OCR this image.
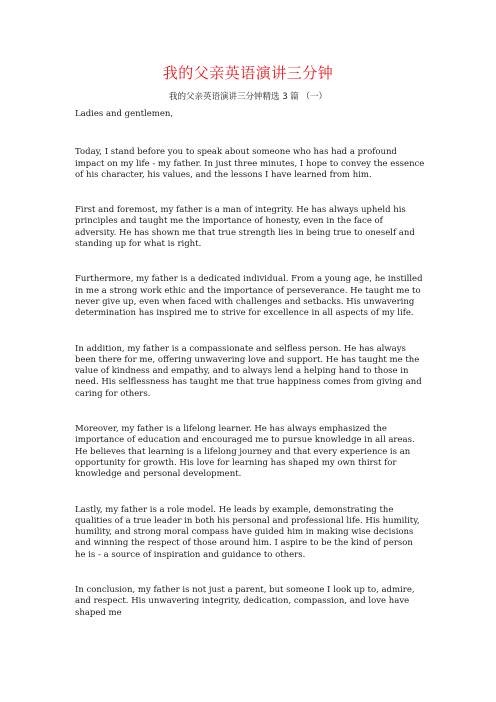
我的父亲英语演讲三分钟
我的父亲英语演讲三分钟精选 3 篇 （一）

Ladies and gentlemen,

Today, I stand before you to speak about someone who has had a profound impact on my life - my father. In just three minutes, I hope to convey the essence of his character, his values, and the lessons I have learned from him.

First and foremost, my father is a man of integrity. He has always upheld his principles and taught me the importance of honesty, even in the face of adversity. He has shown me that true strength lies in being true to oneself and standing up for what is right.

Furthermore, my father is a dedicated individual. From a young age, he instilled in me a strong work ethic and the importance of perseverance. He taught me to never give up, even when faced with challenges and setbacks. His unwavering determination has inspired me to strive for excellence in all aspects of my life.

In addition, my father is a compassionate and selfless person. He has always been there for me, offering unwavering love and support. He has taught me the value of kindness and empathy, and to always lend a helping hand to those in need. His selflessness has taught me that true happiness comes from giving and caring for others.

Moreover, my father is a lifelong learner. He has always emphasized the importance of education and encouraged me to pursue knowledge in all areas. He believes that learning is a lifelong journey and that every experience is an opportunity for growth. His love for learning has shaped my own thirst for knowledge and personal development.

Lastly, my father is a role model. He leads by example, demonstrating the qualities of a true leader in both his personal and professional life. His humility, humility, and strong moral compass have guided him in making wise decisions and winning the respect of those around him. I aspire to be the kind of person he is - a source of inspiration and guidance to others.

In conclusion, my father is not just a parent, but someone I look up to, admire, and respect. His unwavering integrity, dedication, compassion, and love have shaped me
